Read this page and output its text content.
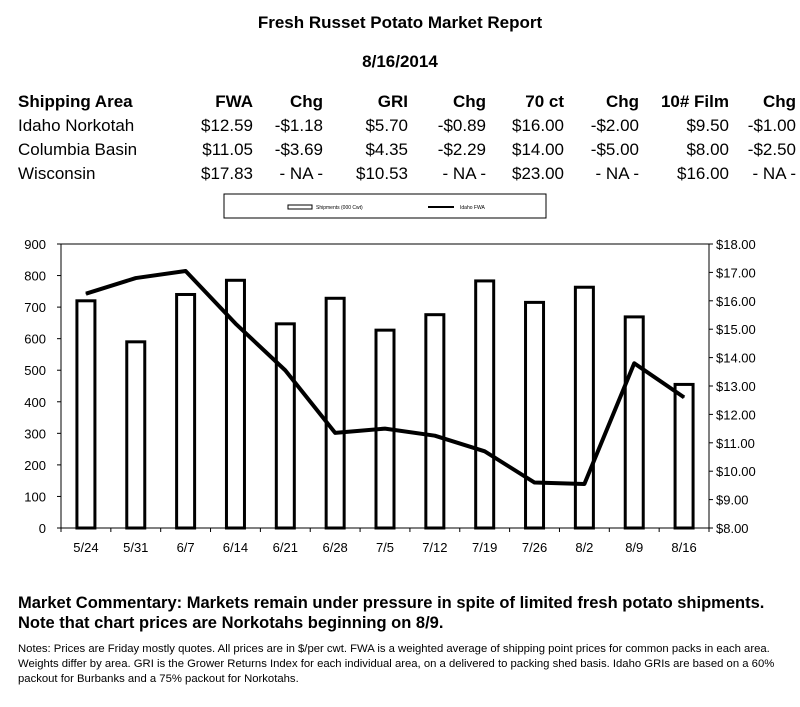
Fresh Russet Potato Market Report
8/16/2014
Shipping Area	FWA	Chg	GRI	Chg	70 ct	Chg	10# Film	Chg
Idaho Norkotah	$12.59	-$1.18	$5.70	-$0.89	$16.00	-$2.00	$9.50	-$1.00
Columbia Basin	$11.05	-$3.69	$4.35	-$2.29	$14.00	-$5.00	$8.00	-$2.50
Wisconsin	$17.83	- NA -	$10.53	- NA -	$23.00	- NA -	$16.00	- NA -
Shipments (000 Cwt)	Idaho FWA
0
100
200
300
400
500
600
700
800
900
$8.00
$9.00
$10.00
$11.00
$12.00
$13.00
$14.00
$15.00
$16.00
$17.00
$18.00
5/24 5/31 6/7 6/14 6/21 6/28 7/5 7/12 7/19 7/26 8/2 8/9 8/16
Market Commentary: Markets remain under pressure in spite of limited fresh potato shipments. Note that chart prices are Norkotahs beginning on 8/9.
Notes: Prices are Friday mostly quotes. All prices are in $/per cwt. FWA is a weighted average of shipping point prices for common packs in each area. Weights differ by area. GRI is the Grower Returns Index for each individual area, on a delivered to packing shed basis. Idaho GRIs are based on a 60% packout for Burbanks and a 75% packout for Norkotahs.
